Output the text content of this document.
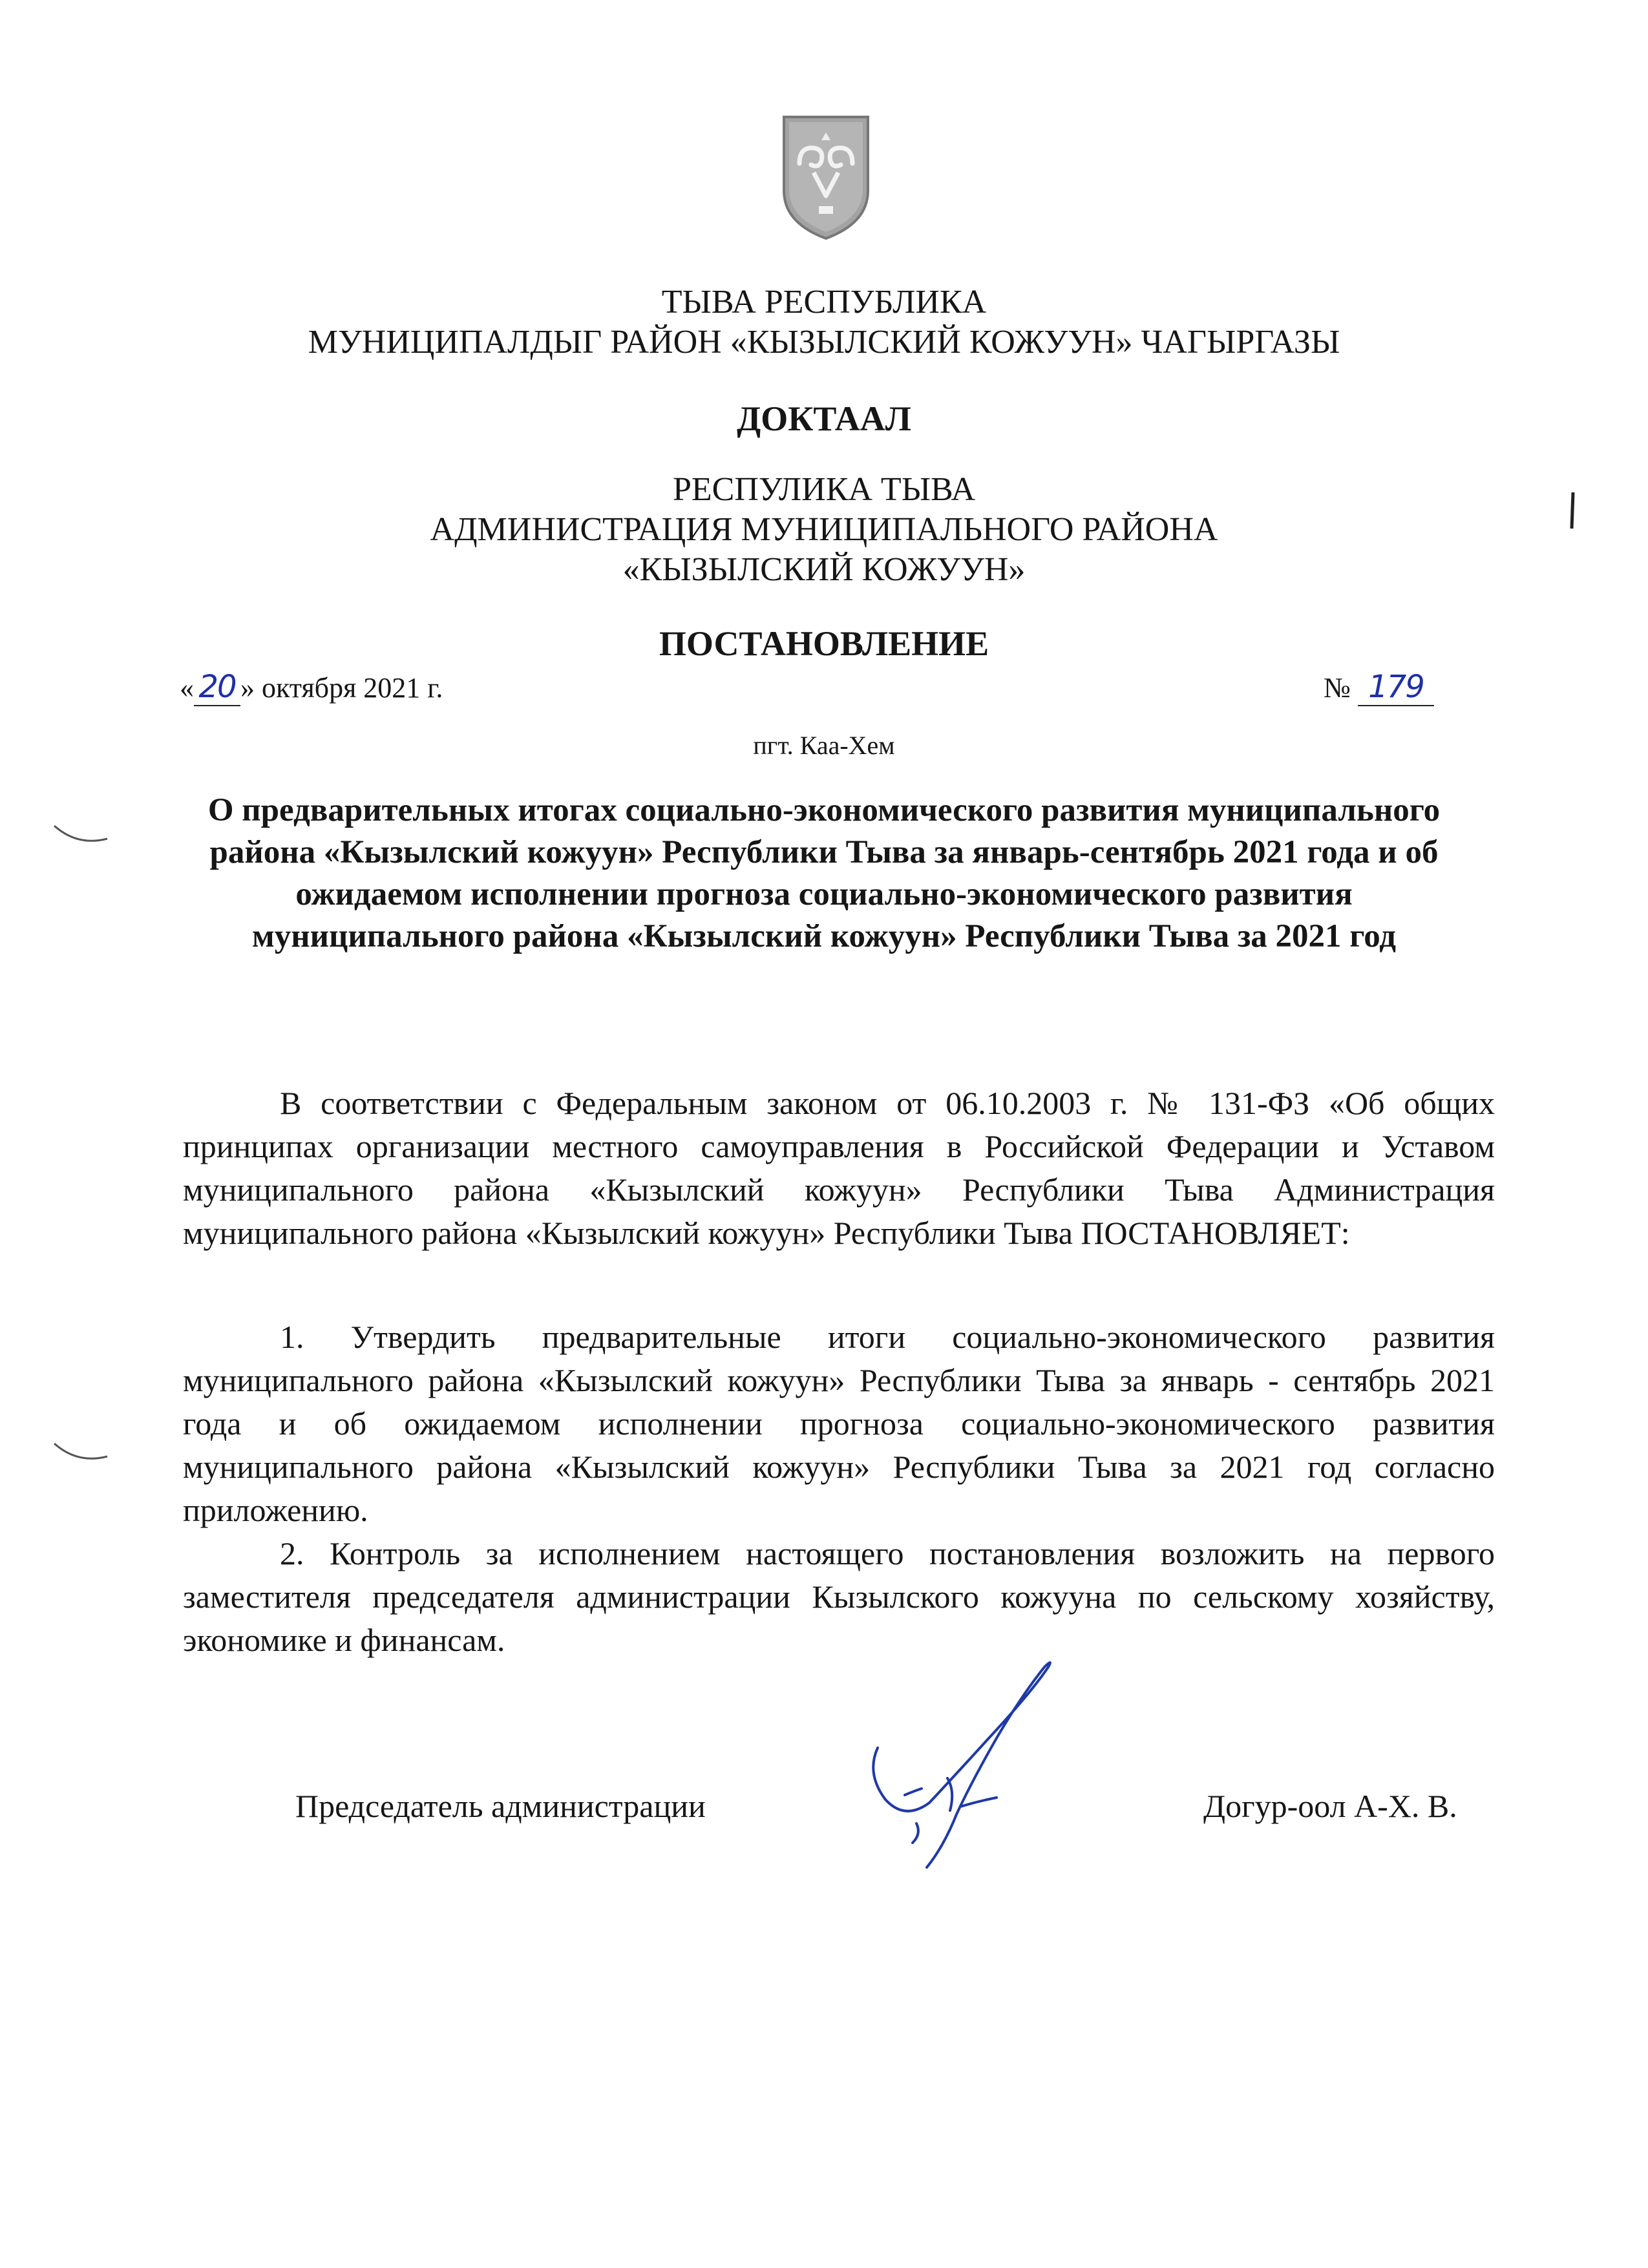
ТЫВА РЕСПУБЛИКА
МУНИЦИПАЛДЫГ РАЙОН «КЫЗЫЛСКИЙ КОЖУУН» ЧАГЫРГАЗЫ
ДОКТААЛ
РЕСПУЛИКА ТЫВА
АДМИНИСТРАЦИЯ МУНИЦИПАЛЬНОГО РАЙОНА
«КЫЗЫЛСКИЙ КОЖУУН»
ПОСТАНОВЛЕНИЕ
« 20 » октября 2021 г.	№ 179
пгт. Каа-Хем
О предварительных итогах социально-экономического развития муниципального района «Кызылский кожуун» Республики Тыва за январь-сентябрь 2021 года и об ожидаемом исполнении прогноза социально-экономического развития муниципального района «Кызылский кожуун» Республики Тыва за 2021 год
В соответствии с Федеральным законом от 06.10.2003 г. № 131-ФЗ «Об общих принципах организации местного самоуправления в Российской Федерации и Уставом муниципального района «Кызылский кожуун» Республики Тыва Администрация муниципального района «Кызылский кожуун» Республики Тыва ПОСТАНОВЛЯЕТ:
1. Утвердить предварительные итоги социально-экономического развития муниципального района «Кызылский кожуун» Республики Тыва за январь - сентябрь 2021 года и об ожидаемом исполнении прогноза социально-экономического развития муниципального района «Кызылский кожуун» Республики Тыва за 2021 год согласно приложению.
2. Контроль за исполнением настоящего постановления возложить на первого заместителя председателя администрации Кызылского кожууна по сельскому хозяйству, экономике и финансам.
Председатель администрации	Догур-оол А-Х. В.
